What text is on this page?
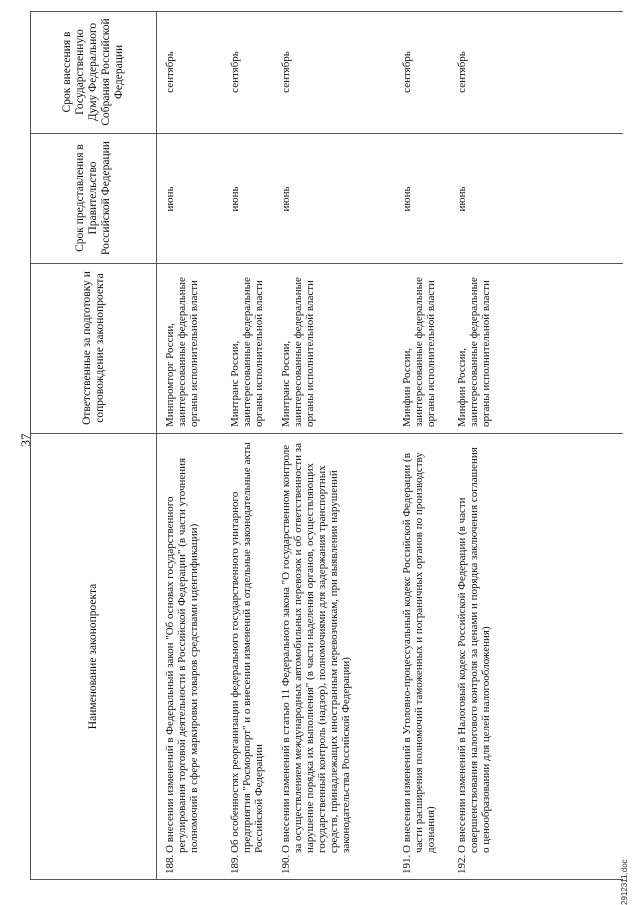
37
Наименование законопроекта
Ответственные за подготовку и сопровождение законопроекта
Срок представления в Правительство Российской Федерации
Срок внесения в Государственную Думу Федерального Собрания Российской Федерации
188.
О внесении изменений в Федеральный закон "Об основах государственного регулирования торговой деятельности в Российской Федерации" (в части уточнения полномочий в сфере маркировки товаров средствами идентификации)
Минпромторг России, заинтересованные федеральные органы исполнительной власти
июнь
сентябрь
189.
Об особенностях реорганизации федерального государственного унитарного предприятия "Росморпорт" и о внесении изменений в отдельные законодательные акты Российской Федерации
Минтранс России, заинтересованные федеральные органы исполнительной власти
июнь
сентябрь
190.
О внесении изменений в статью 11 Федерального закона "О государственном контроле за осуществлением международных автомобильных перевозок и об ответственности за нарушение порядка их выполнения" (в части наделения органов, осуществляющих государственный контроль (надзор), полномочиями для задержания транспортных средств, принадлежащих иностранным перевозчикам, при выявлении нарушений законодательства Российской Федерации)
Минтранс России, заинтересованные федеральные органы исполнительной власти
июнь
сентябрь
191.
О внесении изменений в Уголовно-процессуальный кодекс Российской Федерации (в части расширения полномочий таможенных и пограничных органов по производству дознания)
Минфин России, заинтересованные федеральные органы исполнительной власти
июнь
сентябрь
192.
О внесении изменений в Налоговый кодекс Российской Федерации (в части совершенствования налогового контроля за ценами и порядка заключения соглашения о ценообразовании для целей налогообложения)
Минфин России, заинтересованные федеральные органы исполнительной власти
июнь
сентябрь
2912311.doc
